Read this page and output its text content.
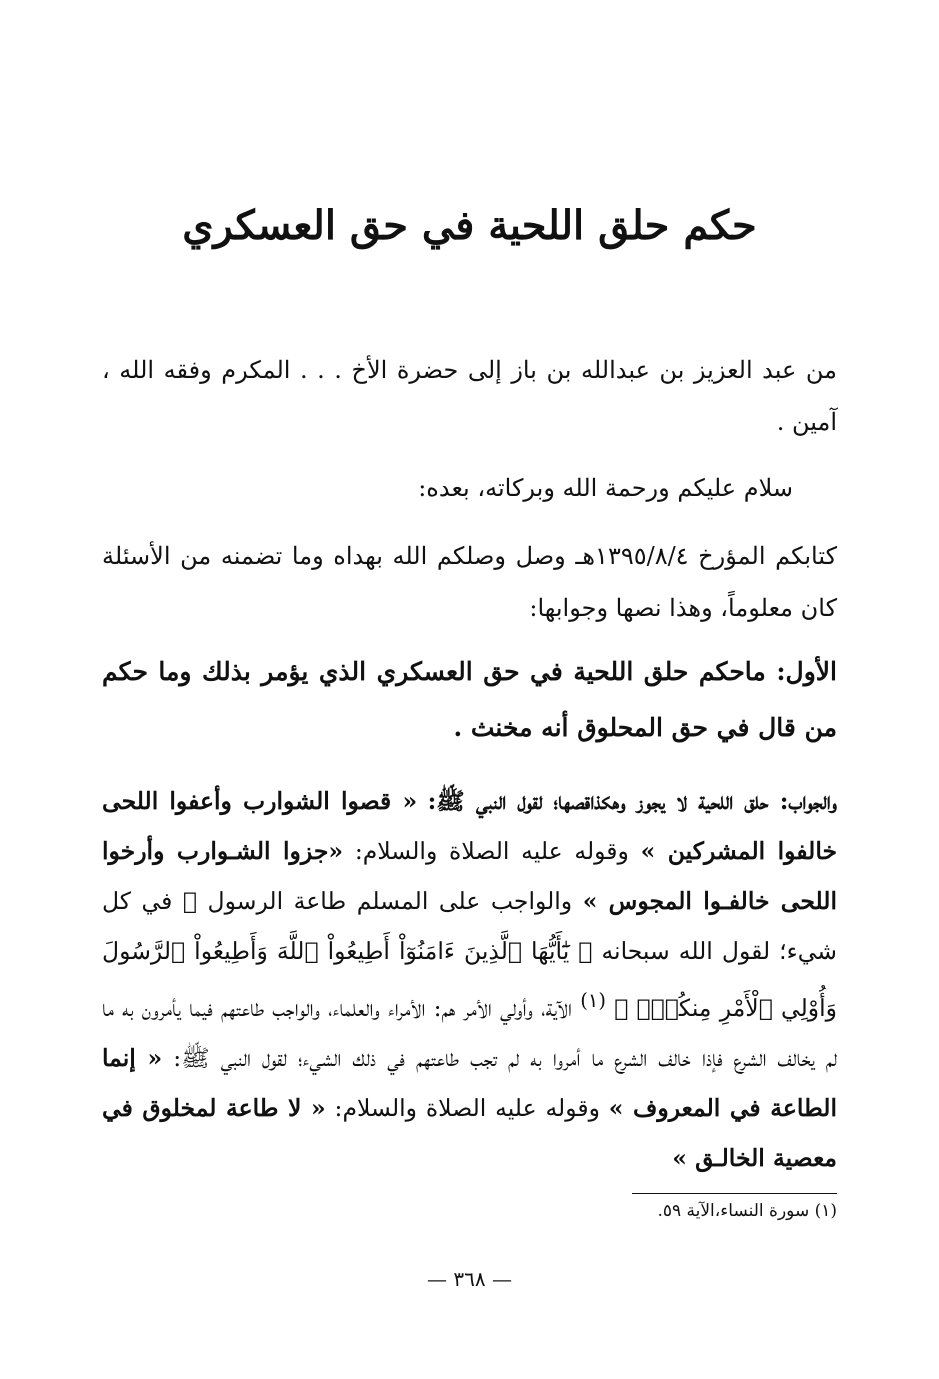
حكم حلق اللحية في حق العسكري
من عبد العزيز بن عبدالله بن باز إلى حضرة الأخ . . . المكرم وفقه الله ، آمين .
سلام عليكم ورحمة الله وبركاته، بعده:
كتابكم المؤرخ ١٣٩٥/٨/٤هـ وصل وصلكم الله بهداه وما تضمنه من الأسئلة كان معلوماً، وهذا نصها وجوابها:
الأول: ماحكم حلق اللحية في حق العسكري الذي يؤمر بذلك وما حكم من قال في حق المحلوق أنه مخنث .
والجواب: حلق اللحية لا يجوز وهكذاقصها؛ لقول النبي ﷺ: « قصوا الشوارب وأعفوا اللحى خالفوا المشركين » وقوله عليه الصلاة والسلام: «جزوا الشـوارب وأرخوا اللحى خالفـوا المجوس » والواجب على المسلم طاعة الرسول ﷺ في كل شيء؛ لقول الله سبحانه ﴿ يَٰٓأَيُّهَا ٱلَّذِينَ ءَامَنُوٓاْ أَطِيعُواْ ٱللَّهَ وَأَطِيعُواْ ٱلرَّسُولَ وَأُوْلِي ٱلْأَمْرِ مِنكُمْۖ ﴾ $^{(١)}$ الآية، وأولي الأمر هم: الأمراء والعلماء، والواجب طاعتهم فيما يأمرون به ما لم يخالف الشرع فإذا خالف الشرع ما أمروا به لم تجب طاعتهم في ذلك الشيء؛ لقول النبي ﷺ: « إنما الطاعة في المعروف » وقوله عليه الصلاة والسلام: « لا طاعة لمخلوق في معصية الخالـق »
(١) سورة النساء،الآية ٥٩.
— ٣٦٨ —
